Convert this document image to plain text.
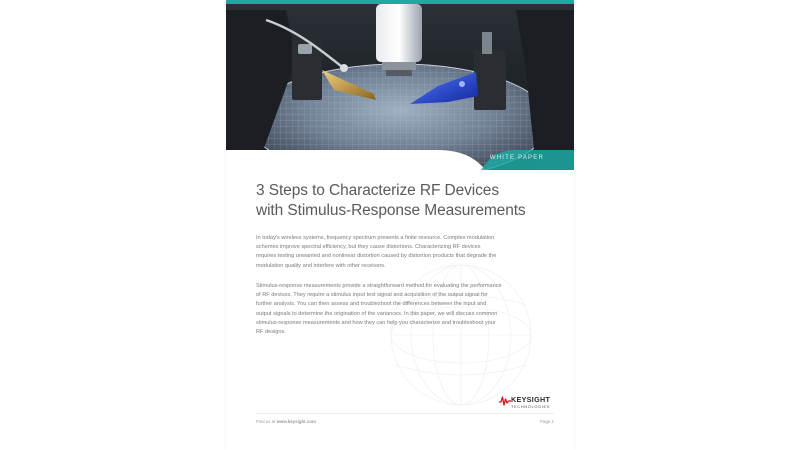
WHITE PAPER
3 Steps to Characterize RF Devices
with Stimulus-Response Measurements
In today's wireless systems, frequency spectrum presents a finite resource. Complex modulation schemes improve spectral efficiency, but they cause distortions. Characterizing RF devices requires testing unwanted and nonlinear distortion caused by distortion products that degrade the modulation quality and interfere with other receivers.
Stimulus-response measurements provide a straightforward method for evaluating the performance of RF devices. They require a stimulus input test signal and acquisition of the output signal for further analysis. You can then assess and troubleshoot the differences between the input and output signals to determine the origination of the variances. In this paper, we will discuss common stimulus-response measurements and how they can help you characterize and troubleshoot your RF designs.
KEYSIGHT
TECHNOLOGIES
Find us at www.keysight.com	Page 1
